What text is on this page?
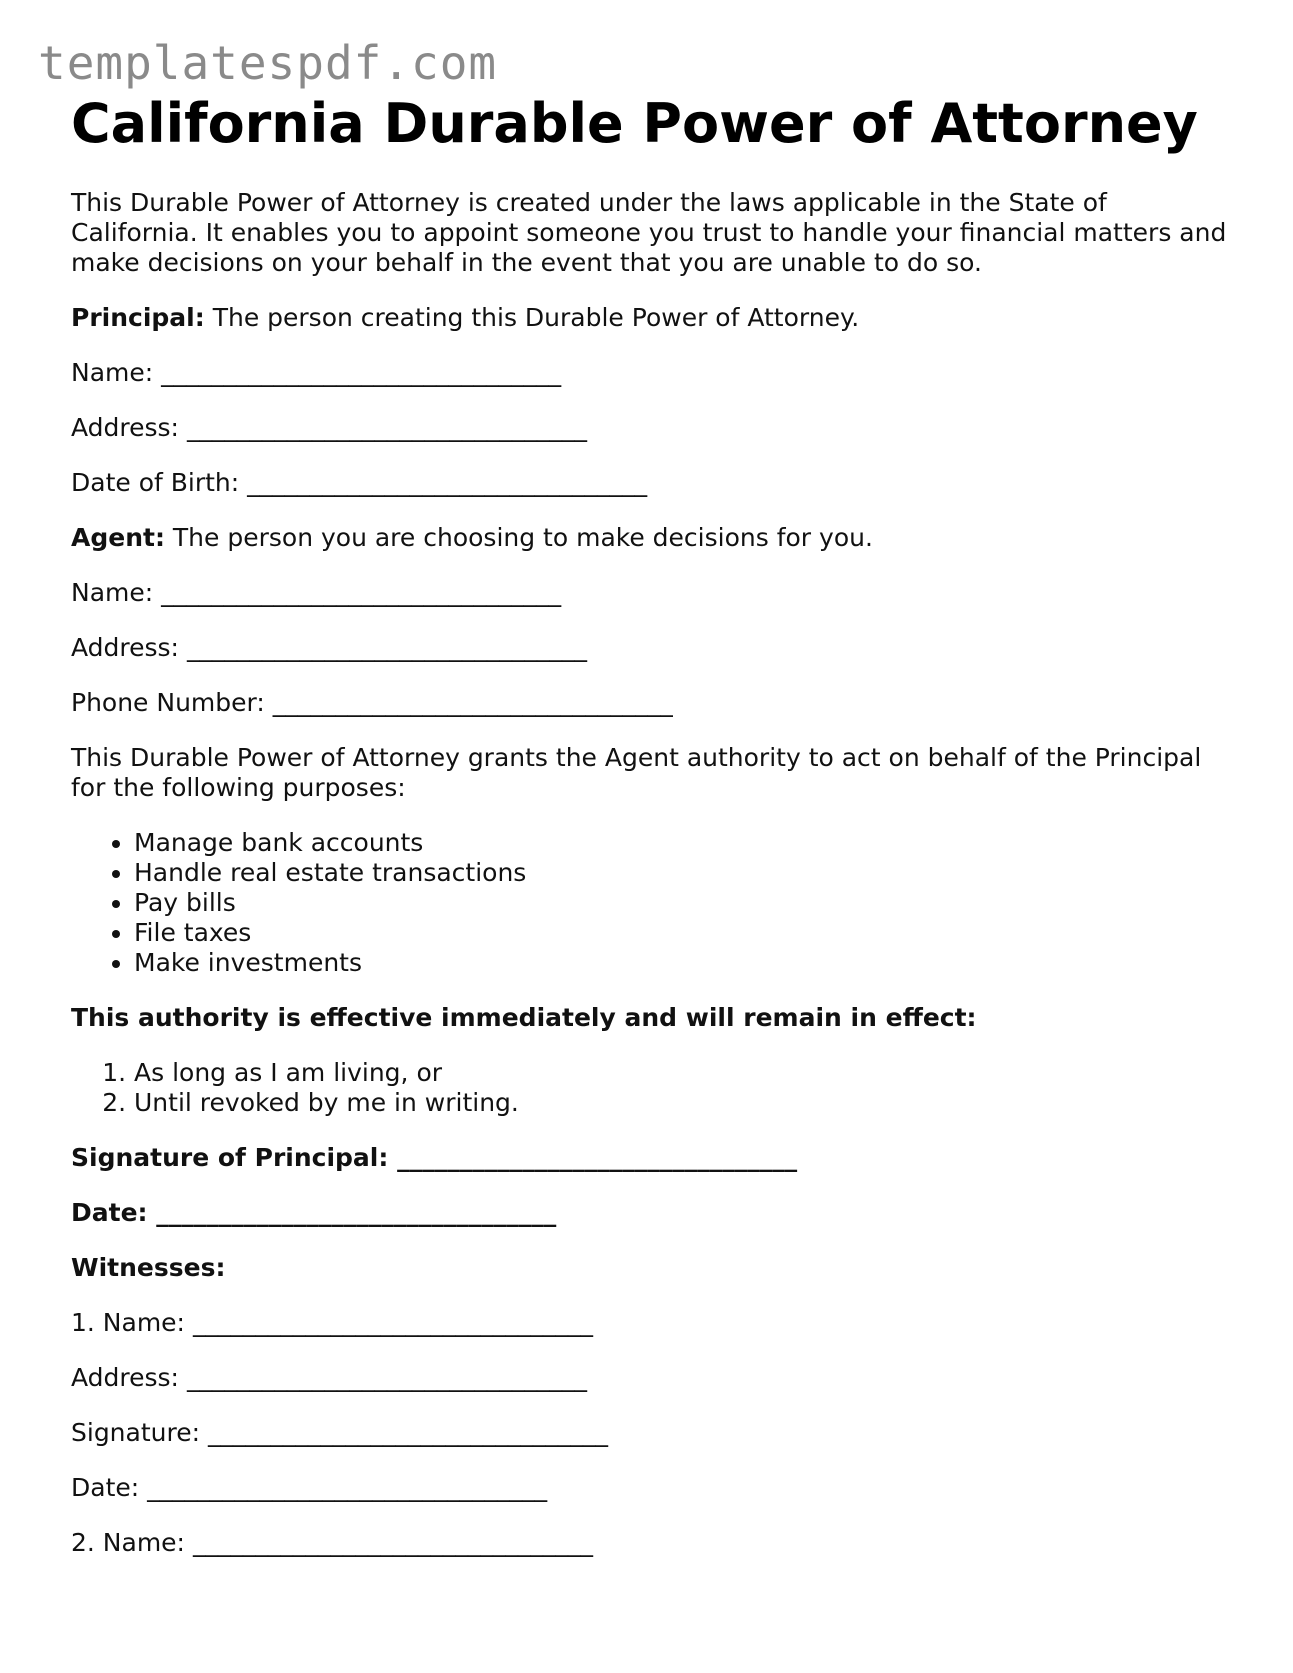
templatespdf.com
California Durable Power of Attorney

This Durable Power of Attorney is created under the laws applicable in the State of California. It enables you to appoint someone you trust to handle your financial matters and make decisions on your behalf in the event that you are unable to do so.

Principal: The person creating this Durable Power of Attorney.

Name: ________________________________

Address: ________________________________

Date of Birth: ________________________________

Agent: The person you are choosing to make decisions for you.

Name: ________________________________

Address: ________________________________

Phone Number: ________________________________

This Durable Power of Attorney grants the Agent authority to act on behalf of the Principal for the following purposes:

• Manage bank accounts
• Handle real estate transactions
• Pay bills
• File taxes
• Make investments

This authority is effective immediately and will remain in effect:

1. As long as I am living, or
2. Until revoked by me in writing.

Signature of Principal: ________________________________

Date: ________________________________

Witnesses:

1. Name: ________________________________

Address: ________________________________

Signature: ________________________________

Date: ________________________________

2. Name: ________________________________
